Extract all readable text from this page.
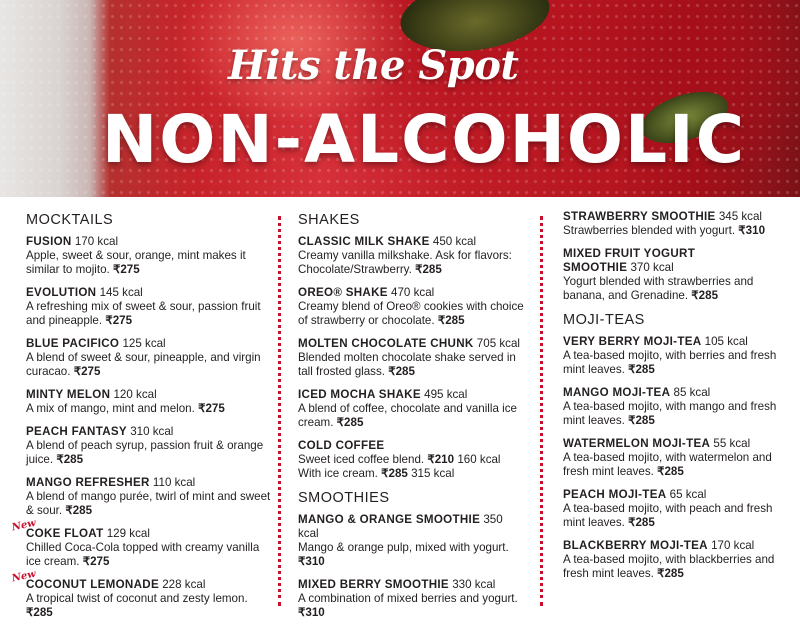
Hits the Spot
NON-ALCOHOLIC
MOCKTAILS
FUSION 170 kcal
Apple, sweet & sour, orange, mint makes it similar to mojito. ₹275
EVOLUTION 145 kcal
A refreshing mix of sweet & sour, passion fruit and pineapple. ₹275
BLUE PACIFICO 125 kcal
A blend of sweet & sour, pineapple, and virgin curacao. ₹275
MINTY MELON 120 kcal
A mix of mango, mint and melon. ₹275
PEACH FANTASY 310 kcal
A blend of peach syrup, passion fruit & orange juice. ₹285
MANGO REFRESHER 110 kcal
A blend of mango purée, twirl of mint and sweet & sour. ₹285
New
COKE FLOAT 129 kcal
Chilled Coca-Cola topped with creamy vanilla ice cream. ₹275
New
COCONUT LEMONADE 228 kcal
A tropical twist of coconut and zesty lemon. ₹285
SHAKES
CLASSIC MILK SHAKE 450 kcal
Creamy vanilla milkshake. Ask for flavors: Chocolate/Strawberry. ₹285
OREO® SHAKE 470 kcal
Creamy blend of Oreo® cookies with choice of strawberry or chocolate. ₹285
MOLTEN CHOCOLATE CHUNK 705 kcal
Blended molten chocolate shake served in tall frosted glass. ₹285
ICED MOCHA SHAKE 495 kcal
A blend of coffee, chocolate and vanilla ice cream. ₹285
COLD COFFEE
Sweet iced coffee blend. ₹210 160 kcal
With ice cream. ₹285 315 kcal
SMOOTHIES
MANGO & ORANGE SMOOTHIE 350 kcal
Mango & orange pulp, mixed with yogurt. ₹310
MIXED BERRY SMOOTHIE 330 kcal
A combination of mixed berries and yogurt. ₹310
STRAWBERRY SMOOTHIE 345 kcal
Strawberries blended with yogurt. ₹310
MIXED FRUIT YOGURT
SMOOTHIE 370 kcal
Yogurt blended with strawberries and banana, and Grenadine. ₹285
MOJI-TEAS
VERY BERRY MOJI-TEA 105 kcal
A tea-based mojito, with berries and fresh mint leaves. ₹285
MANGO MOJI-TEA 85 kcal
A tea-based mojito, with mango and fresh mint leaves. ₹285
WATERMELON MOJI-TEA 55 kcal
A tea-based mojito, with watermelon and fresh mint leaves. ₹285
PEACH MOJI-TEA 65 kcal
A tea-based mojito, with peach and fresh mint leaves. ₹285
BLACKBERRY MOJI-TEA 170 kcal
A tea-based mojito, with blackberries and fresh mint leaves. ₹285
